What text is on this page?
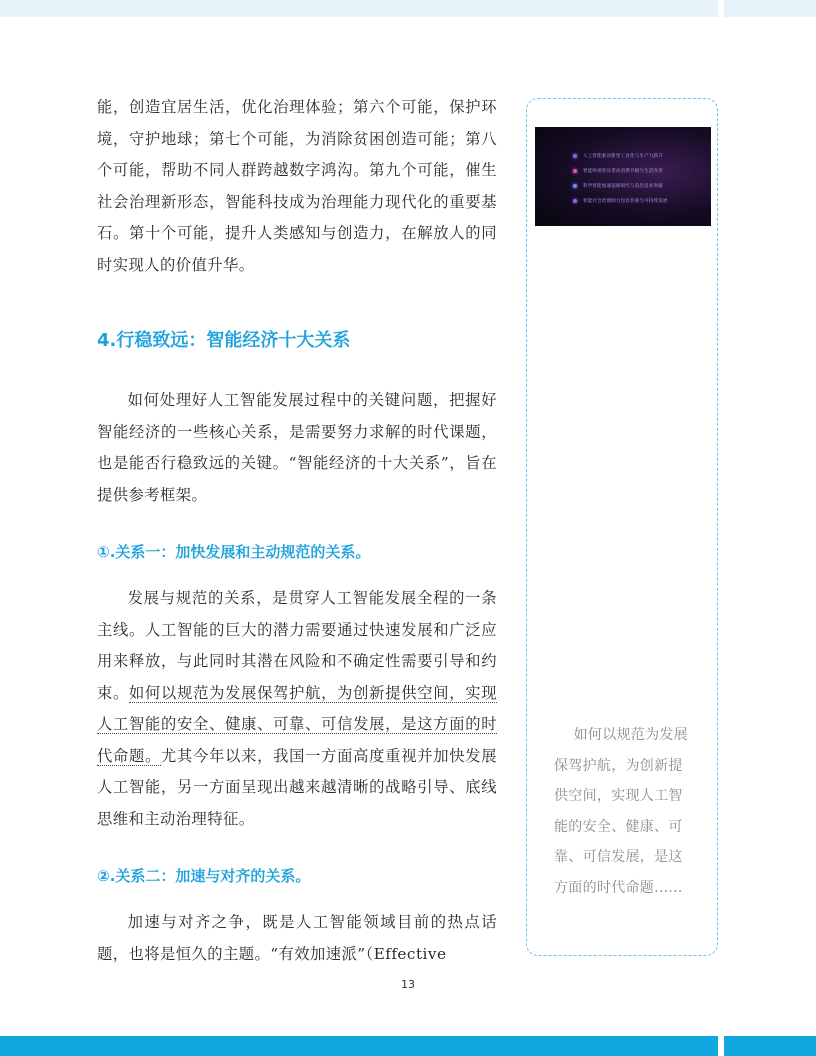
能，创造宜居生活，优化治理体验；第六个可能，保护环境，守护地球；第七个可能，为消除贫困创造可能；第八个可能，帮助不同人群跨越数字鸿沟。第九个可能，催生社会治理新形态，智能科技成为治理能力现代化的重要基石。第十个可能，提升人类感知与创造力，在解放人的同时实现人的价值升华。

4.行稳致远：智能经济十大关系

如何处理好人工智能发展过程中的关键问题，把握好智能经济的一些核心关系，是需要努力求解的时代课题，也是能否行稳致远的关键。“智能经济的十大关系”，旨在提供参考框架。

①.关系一：加快发展和主动规范的关系。

发展与规范的关系，是贯穿人工智能发展全程的一条主线。人工智能的巨大的潜力需要通过快速发展和广泛应用来释放，与此同时其潜在风险和不确定性需要引导和约束。如何以规范为发展保驾护航，为创新提供空间，实现人工智能的安全、健康、可靠、可信发展，是这方面的时代命题。尤其今年以来，我国一方面高度重视并加快发展人工智能，另一方面呈现出越来越清晰的战略引导、底线思维和主动治理特征。

②.关系二：加速与对齐的关系。

加速与对齐之争，既是人工智能领域目前的热点话题，也将是恒久的主题。“有效加速派”（Effective

人工智能驱动新型工业化与生产力跃升
智能终端普及带动消费升级与生活改善
科学智能加速基础研究与前沿技术突破
智能社会治理助力包容普惠与可持续发展

如何以规范为发展保驾护航，为创新提供空间，实现人工智能的安全、健康、可靠、可信发展，是这方面的时代命题......

13
